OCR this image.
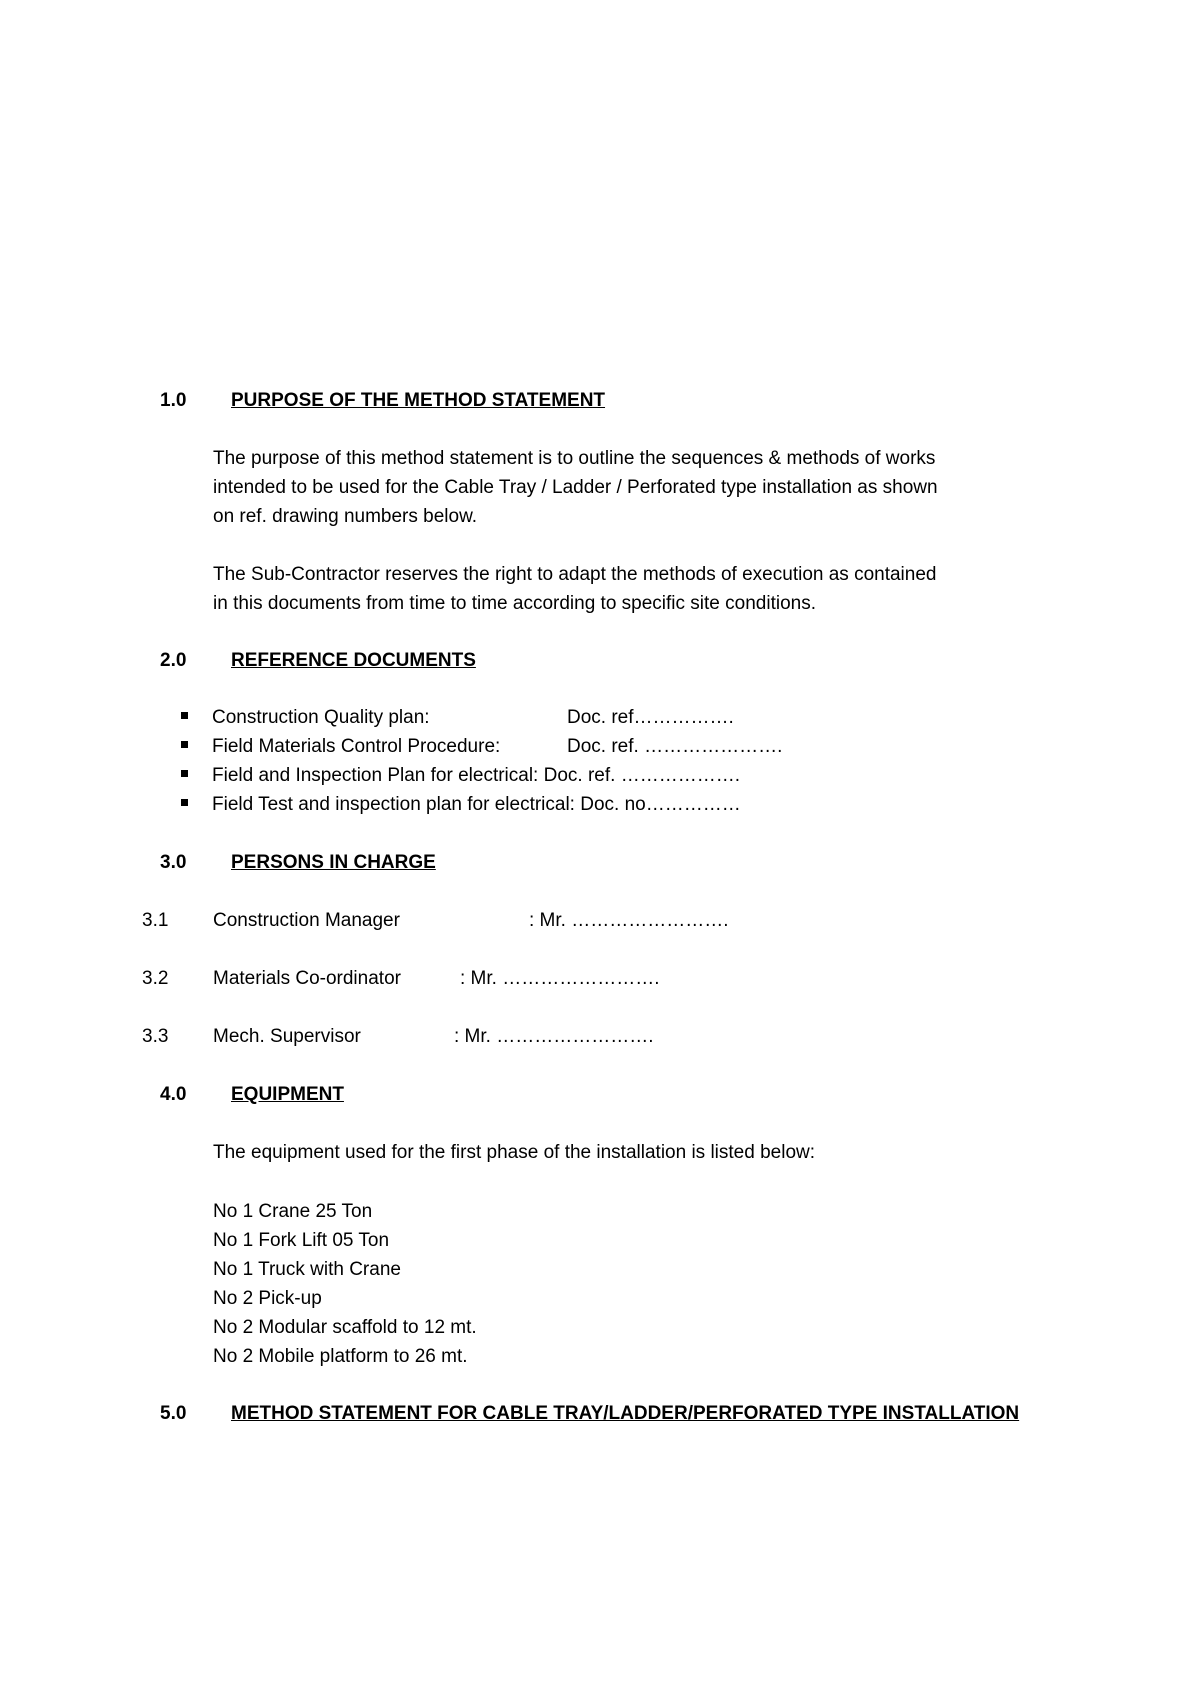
1.0 PURPOSE OF THE METHOD STATEMENT
The purpose of this method statement is to outline the sequences & methods of works
intended to be used for the Cable Tray / Ladder / Perforated type installation as shown
on ref. drawing numbers below.
The Sub-Contractor reserves the right to adapt the methods of execution as contained
in this documents from time to time according to specific site conditions.
2.0 REFERENCE DOCUMENTS
Construction Quality plan:	Doc. ref…………….
Field Materials Control Procedure:	Doc. ref. ………………….
Field and Inspection Plan for electrical: Doc. ref. ……………….
Field Test and inspection plan for electrical: Doc. no……………
3.0 PERSONS IN CHARGE
3.1 Construction Manager	: Mr. …………………….
3.2 Materials Co-ordinator	: Mr. …………………….
3.3 Mech. Supervisor	: Mr. …………………….
4.0 EQUIPMENT
The equipment used for the first phase of the installation is listed below:
No 1 Crane 25 Ton
No 1 Fork Lift 05 Ton
No 1 Truck with Crane
No 2 Pick-up
No 2 Modular scaffold to 12 mt.
No 2 Mobile platform to 26 mt.
5.0 METHOD STATEMENT FOR CABLE TRAY/LADDER/PERFORATED TYPE INSTALLATION
